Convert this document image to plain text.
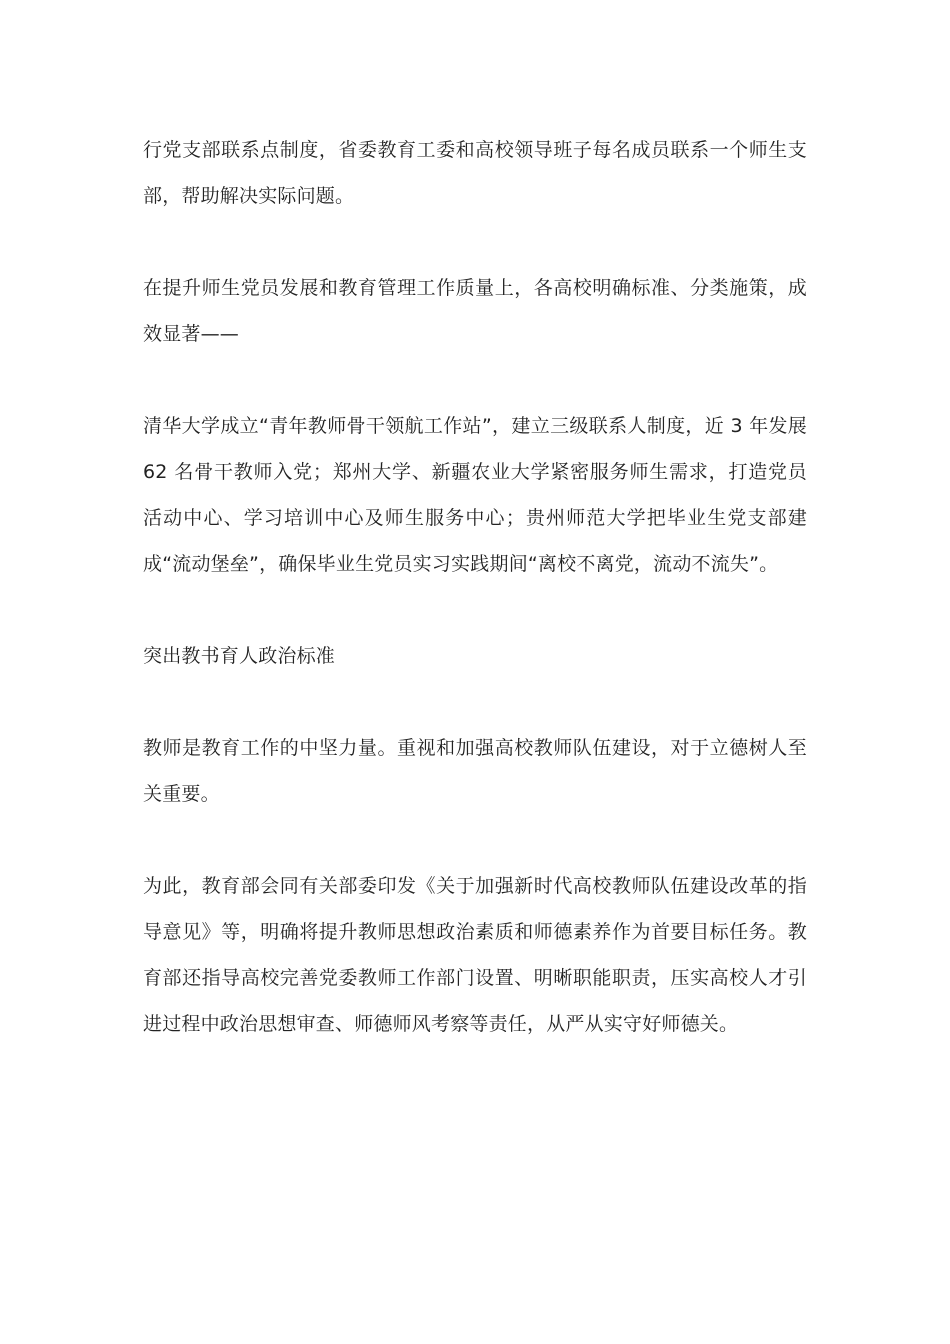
行党支部联系点制度，省委教育工委和高校领导班子每名成员联系一个师生支部，帮助解决实际问题。

在提升师生党员发展和教育管理工作质量上，各高校明确标准、分类施策，成效显著——

清华大学成立“青年教师骨干领航工作站”，建立三级联系人制度，近 3 年发展 62 名骨干教师入党；郑州大学、新疆农业大学紧密服务师生需求，打造党员活动中心、学习培训中心及师生服务中心；贵州师范大学把毕业生党支部建成“流动堡垒”，确保毕业生党员实习实践期间“离校不离党，流动不流失”。

突出教书育人政治标准

教师是教育工作的中坚力量。重视和加强高校教师队伍建设，对于立德树人至关重要。

为此，教育部会同有关部委印发《关于加强新时代高校教师队伍建设改革的指导意见》等，明确将提升教师思想政治素质和师德素养作为首要目标任务。教育部还指导高校完善党委教师工作部门设置、明晰职能职责，压实高校人才引进过程中政治思想审查、师德师风考察等责任，从严从实守好师德关。
